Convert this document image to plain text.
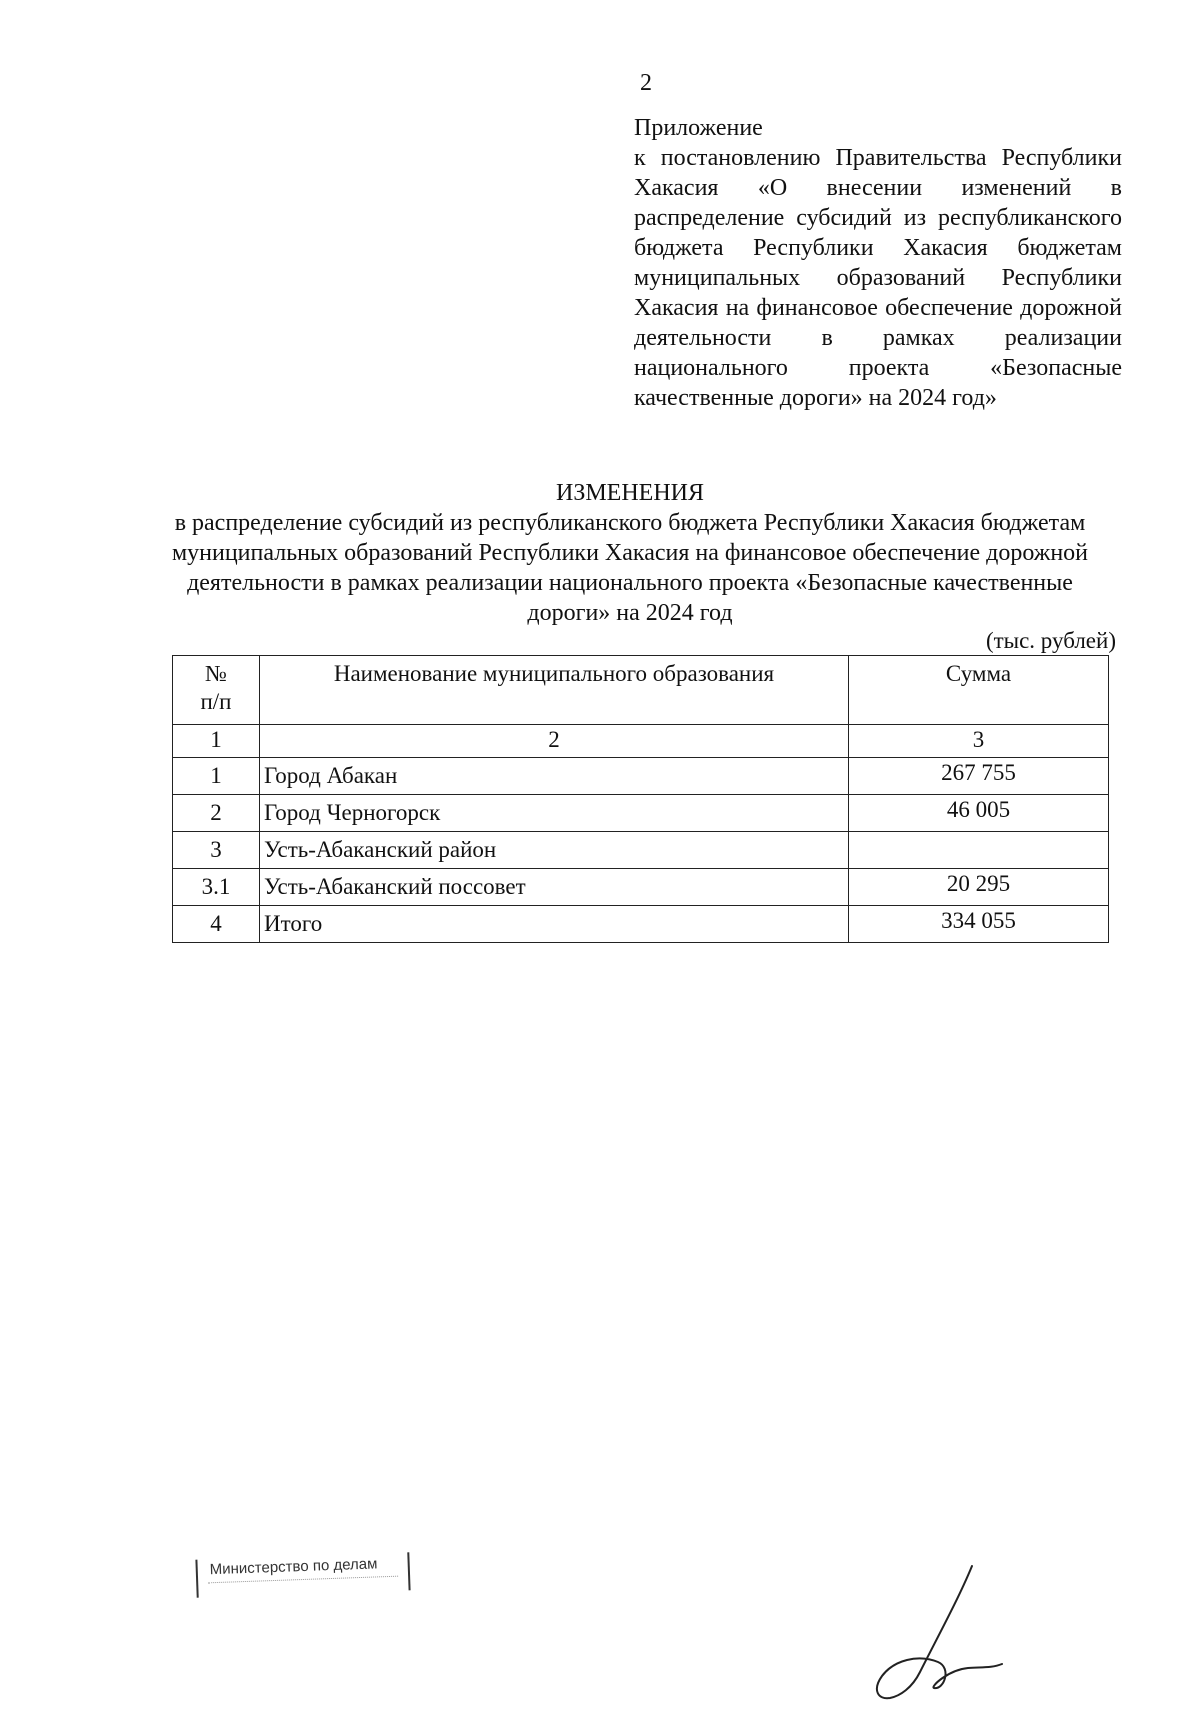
2
Приложение
к постановлению Правительства Республики Хакасия «О внесении изменений в распределение субсидий из республиканского бюджета Республики Хакасия бюджетам муниципальных образований Республики Хакасия на финансовое обеспечение дорожной деятельности в рамках реализации национального проекта «Безопасные качественные дороги» на 2024 год»
ИЗМЕНЕНИЯ
в распределение субсидий из республиканского бюджета Республики Хакасия бюджетам муниципальных образований Республики Хакасия на финансовое обеспечение дорожной деятельности в рамках реализации национального проекта «Безопасные качественные дороги» на 2024 год
(тыс. рублей)
№
п/п	Наименование муниципального образования	Сумма
1	2	3
1	Город Абакан	267 755
2	Город Черногорск	46 005
3	Усть-Абаканский район	
3.1	Усть-Абаканский поссовет	20 295
4	Итого	334 055
Министерство по делам
